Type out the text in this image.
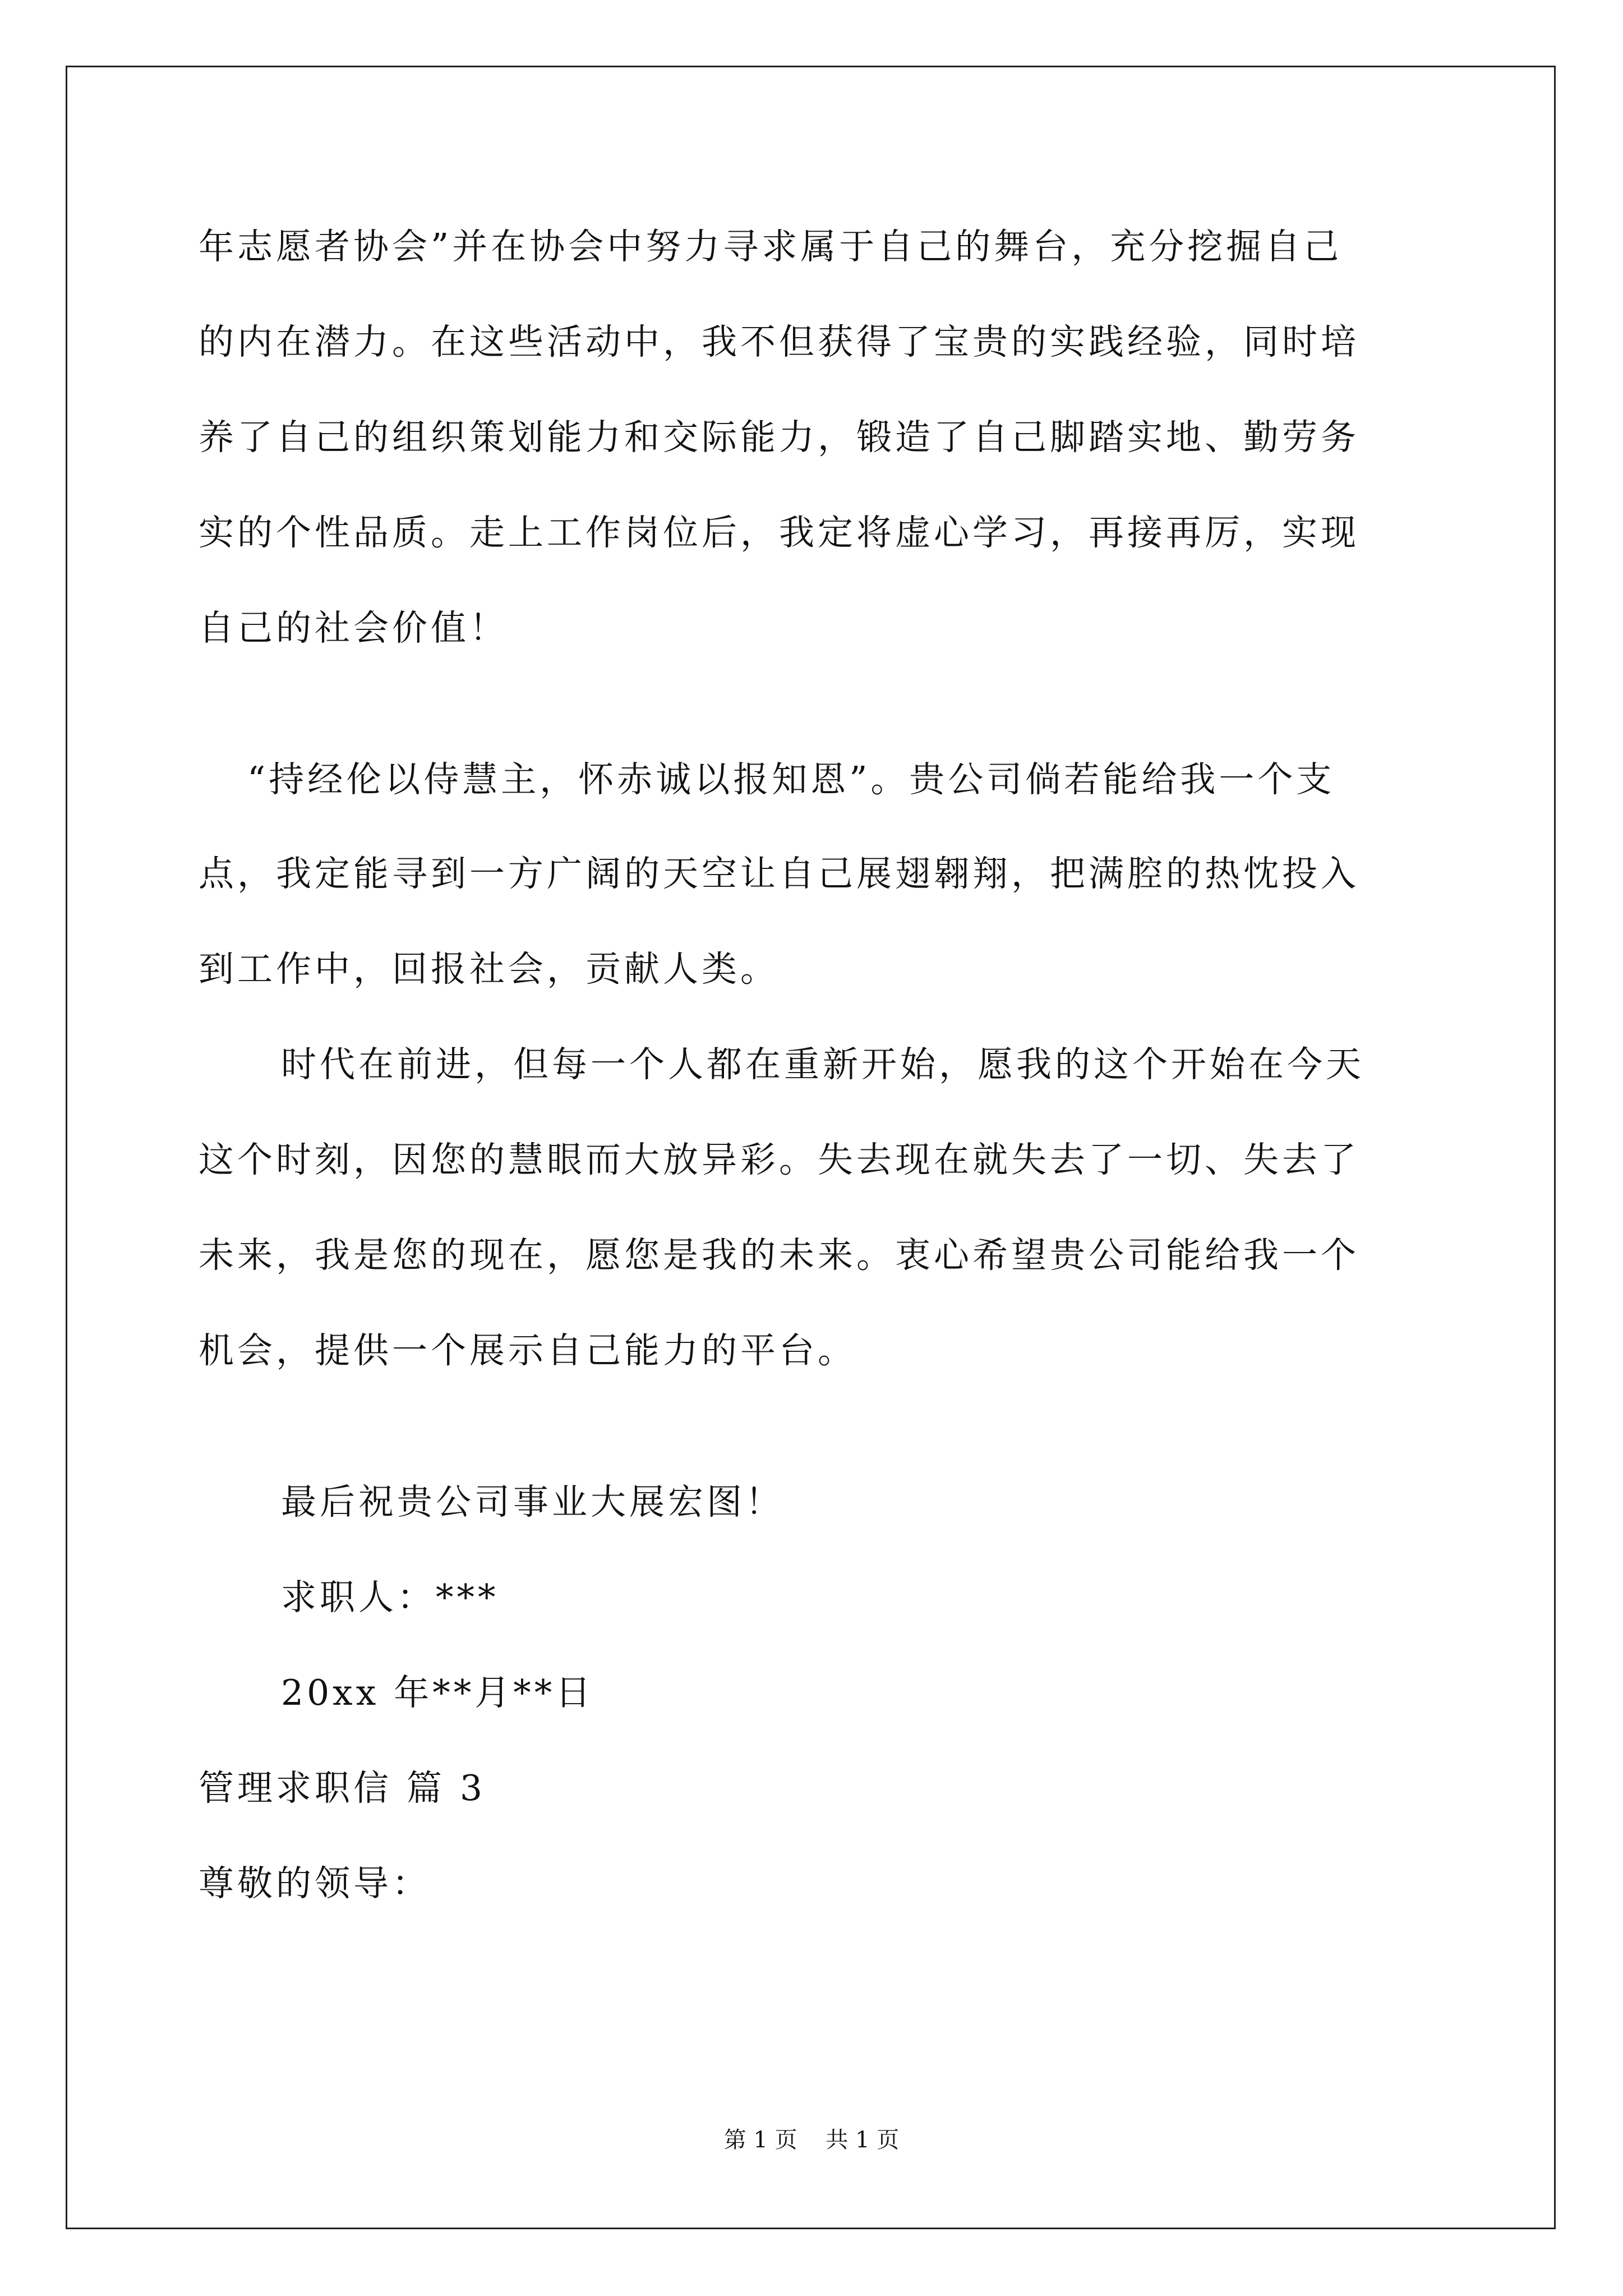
年志愿者协会”并在协会中努力寻求属于自己的舞台，充分挖掘自己
的内在潜力。在这些活动中，我不但获得了宝贵的实践经验，同时培
养了自己的组织策划能力和交际能力，锻造了自己脚踏实地、勤劳务
实的个性品质。走上工作岗位后，我定将虚心学习，再接再厉，实现
自己的社会价值！
“持经伦以侍慧主，怀赤诚以报知恩”。贵公司倘若能给我一个支
点，我定能寻到一方广阔的天空让自己展翅翱翔，把满腔的热忱投入
到工作中，回报社会，贡献人类。
时代在前进，但每一个人都在重新开始，愿我的这个开始在今天
这个时刻，因您的慧眼而大放异彩。失去现在就失去了一切、失去了
未来，我是您的现在，愿您是我的未来。衷心希望贵公司能给我一个
机会，提供一个展示自己能力的平台。
最后祝贵公司事业大展宏图！
求职人：***
20xx 年**月**日
管理求职信 篇 3
尊敬的领导：
第 1 页    共 1 页
